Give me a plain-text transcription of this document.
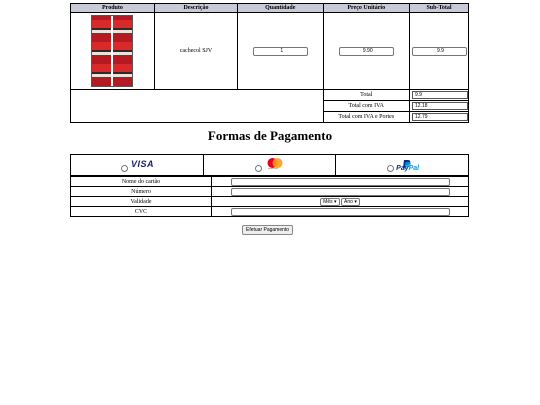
Produto	Descrição	Quantidade	Preço Unitário	Sub-Total

	cachecol SJV	1	9.90	9.9
			Total	9.9
			Total com IVA	12.18
			Total com IVA e Portes	12.79
Formas de Pagamento
VISA	mastercard	PayPal
Nome do cartão	
Número	
Validade	Mês ▾ Ano ▾
CVC	
Efetuar Pagamento
